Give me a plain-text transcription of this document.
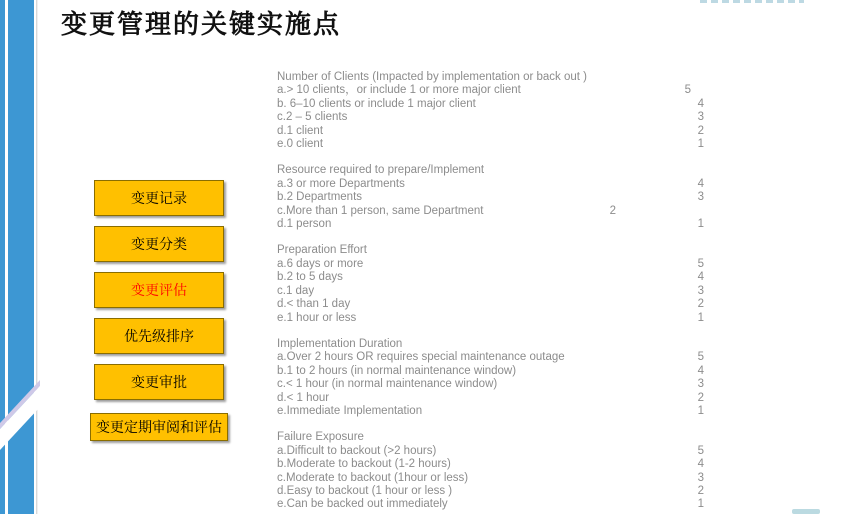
变更管理的关键实施点
变更记录
变更分类
变更评估
优先级排序
变更审批
变更定期审阅和评估
Number of Clients (Impacted by implementation or back out )
a.> 10 clients，or include 1 or more major client	5
b. 6–10 clients or include 1 major client	4
c.2 – 5 clients	3
d.1 client	2
e.0 client	1
Resource required to prepare/Implement
a.3 or more Departments	4
b.2 Departments	3
c.More than 1 person, same Department	2
d.1 person	1
Preparation Effort
a.6 days or more	5
b.2 to 5 days	4
c.1 day	3
d.< than 1 day	2
e.1 hour or less	1
Implementation Duration
a.Over 2 hours OR requires special maintenance outage	5
b.1 to 2 hours (in normal maintenance window)	4
c.< 1 hour (in normal maintenance window)	3
d.< 1 hour	2
e.Immediate Implementation	1
Failure Exposure
a.Difficult to backout (>2 hours)	5
b.Moderate to backout (1-2 hours)	4
c.Moderate to backout (1hour or less)	3
d.Easy to backout (1 hour or less )	2
e.Can be backed out immediately	1
